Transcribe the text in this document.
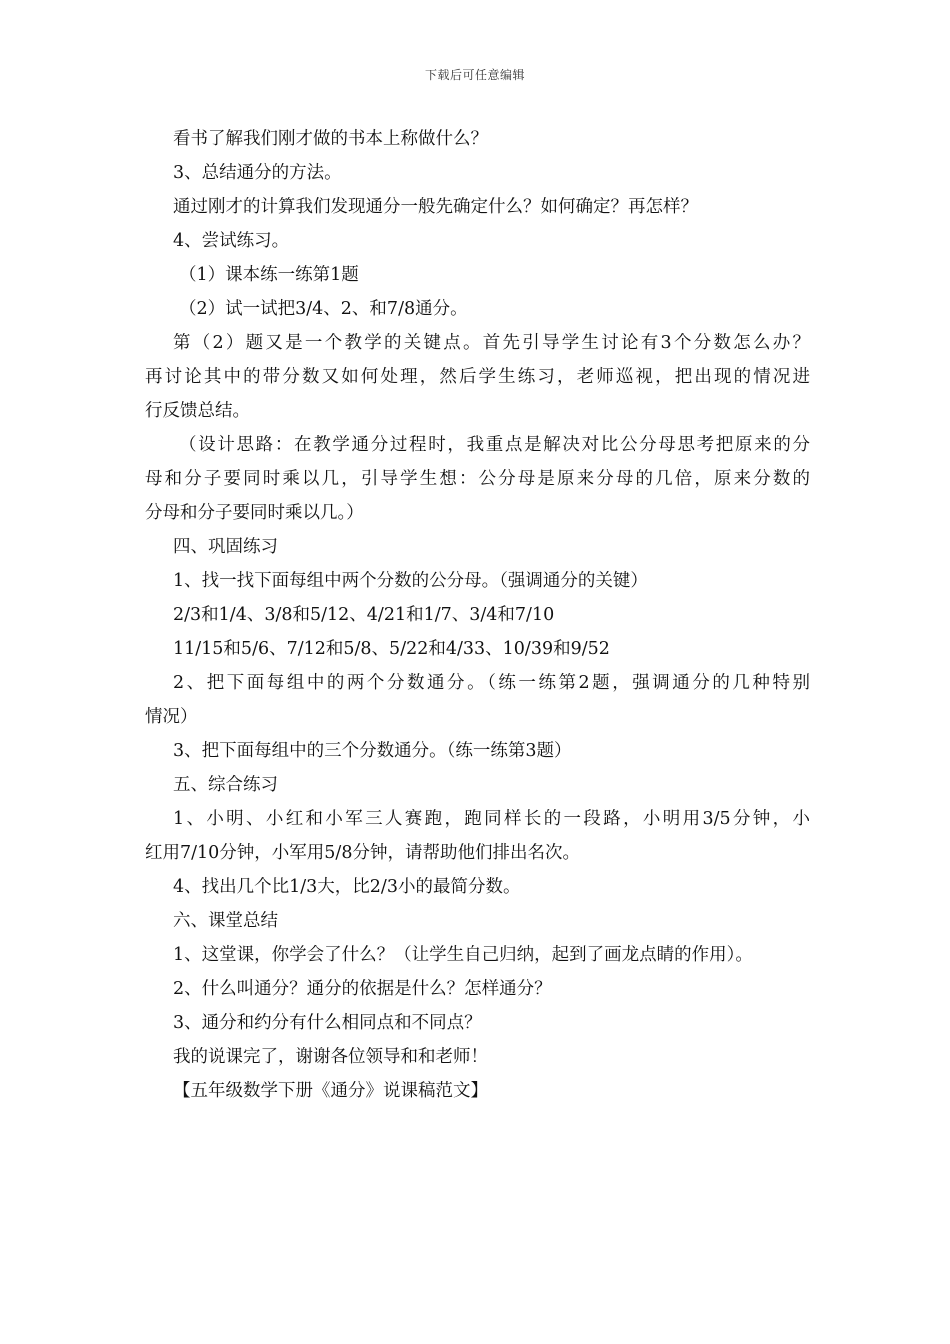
下载后可任意编辑
看书了解我们刚才做的书本上称做什么？
3、总结通分的方法。
通过刚才的计算我们发现通分一般先确定什么？如何确定？再怎样？
4、尝试练习。
（1）课本练一练第1题
（2）试一试把3/4、2、和7/8通分。
第（2）题又是一个教学的关键点。首先引导学生讨论有3个分数怎么办？
再讨论其中的带分数又如何处理，然后学生练习，老师巡视，把出现的情况进
行反馈总结。
（设计思路：在教学通分过程时，我重点是解决对比公分母思考把原来的分
母和分子要同时乘以几，引导学生想：公分母是原来分母的几倍，原来分数的
分母和分子要同时乘以几。）
四、巩固练习
1、找一找下面每组中两个分数的公分母。（强调通分的关键）
2/3和1/4、3/8和5/12、4/21和1/7、3/4和7/10
11/15和5/6、7/12和5/8、5/22和4/33、10/39和9/52
2、把下面每组中的两个分数通分。（练一练第2题，强调通分的几种特别
情况）
3、把下面每组中的三个分数通分。（练一练第3题）
五、综合练习
1、小明、小红和小军三人赛跑，跑同样长的一段路，小明用3/5分钟，小
红用7/10分钟，小军用5/8分钟，请帮助他们排出名次。
4、找出几个比1/3大，比2/3小的最简分数。
六、课堂总结
1、这堂课，你学会了什么？（让学生自己归纳，起到了画龙点睛的作用）。
2、什么叫通分？通分的依据是什么？怎样通分？
3、通分和约分有什么相同点和不同点？
我的说课完了，谢谢各位领导和和老师！
【五年级数学下册《通分》说课稿范文】
